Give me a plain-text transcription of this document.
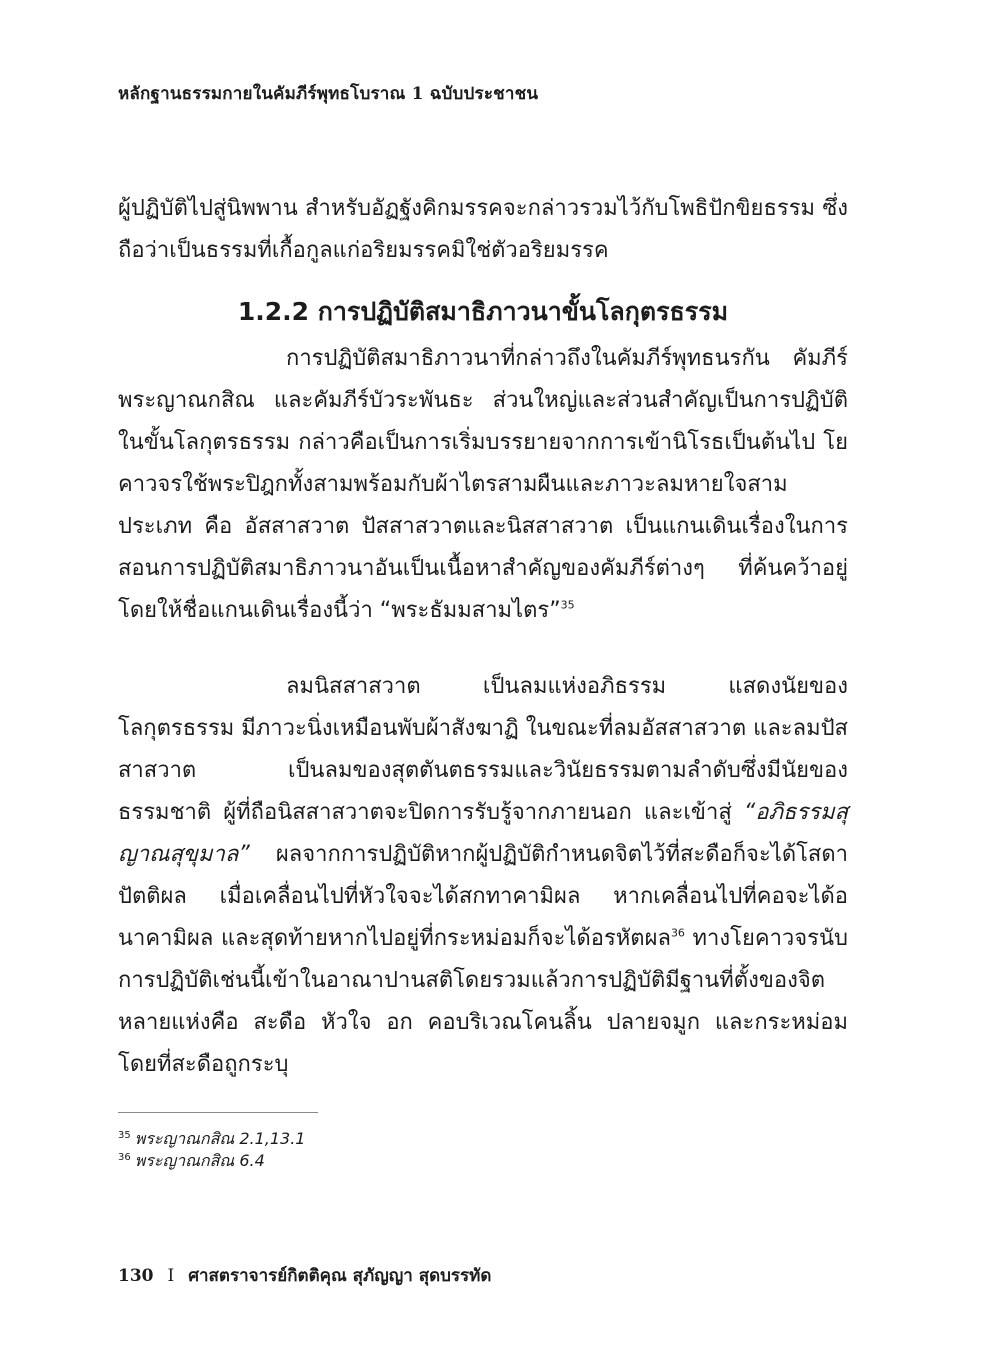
หลักฐานธรรมกายในคัมภีร์พุทธโบราณ 1 ฉบับประชาชน
ผู้ปฏิบัติไปสู่นิพพาน สำหรับอัฏฐังคิกมรรคจะกล่าวรวมไว้กับโพธิปักขิยธรรม ซึ่งถือว่าเป็นธรรมที่เกื้อกูลแก่อริยมรรคมิใช่ตัวอริยมรรค
1.2.2 การปฏิบัติสมาธิภาวนาขั้นโลกุตรธรรม
การปฏิบัติสมาธิภาวนาที่กล่าวถึงในคัมภีร์พุทธนรกัน คัมภีร์พระญาณกสิณ และคัมภีร์บัวระพันธะ ส่วนใหญ่และส่วนสำคัญเป็นการปฏิบัติในขั้นโลกุตรธรรม กล่าวคือเป็นการเริ่มบรรยายจากการเข้านิโรธเป็นต้นไป โยคาวจรใช้พระปิฎกทั้งสามพร้อมกับผ้าไตรสามผืนและภาวะลมหายใจสามประเภท คือ อัสสาสวาต ปัสสาสวาตและนิสสาสวาต เป็นแกนเดินเรื่องในการสอนการปฏิบัติสมาธิภาวนาอันเป็นเนื้อหาสำคัญของคัมภีร์ต่างๆ ที่ค้นคว้าอยู่ โดยให้ชื่อแกนเดินเรื่องนี้ว่า “พระธัมมสามไตร”$^{35}$
ลมนิสสาสวาต เป็นลมแห่งอภิธรรม แสดงนัยของโลกุตรธรรม มีภาวะนิ่งเหมือนพับผ้าสังฆาฏิ ในขณะที่ลมอัสสาสวาต และลมปัสสาสวาต เป็นลมของสุตตันตธรรมและวินัยธรรมตามลำดับซึ่งมีนัยของธรรมชาติ ผู้ที่ถือนิสสาสวาตจะปิดการรับรู้จากภายนอก และเข้าสู่ “อภิธรรมสุญาณสุขุมาล” ผลจากการปฏิบัติหากผู้ปฏิบัติกำหนดจิตไว้ที่สะดือก็จะได้โสดาปัตติผล เมื่อเคลื่อนไปที่หัวใจจะได้สกทาคามิผล หากเคลื่อนไปที่คอจะได้อนาคามิผล และสุดท้ายหากไปอยู่ที่กระหม่อมก็จะได้อรหัตผล$^{36}$ ทางโยคาวจรนับการปฏิบัติเช่นนี้เข้าในอาณาปานสติโดยรวมแล้วการปฏิบัติมีฐานที่ตั้งของจิตหลายแห่งคือ สะดือ หัวใจ อก คอบริเวณโคนลิ้น ปลายจมูก และกระหม่อม โดยที่สะดือถูกระบุ
$^{35}$ พระญาณกสิณ 2.1,13.1
$^{36}$ พระญาณกสิณ 6.4
130 I ศาสตราจารย์กิตติคุณ สุภัญญา สุดบรรทัด
